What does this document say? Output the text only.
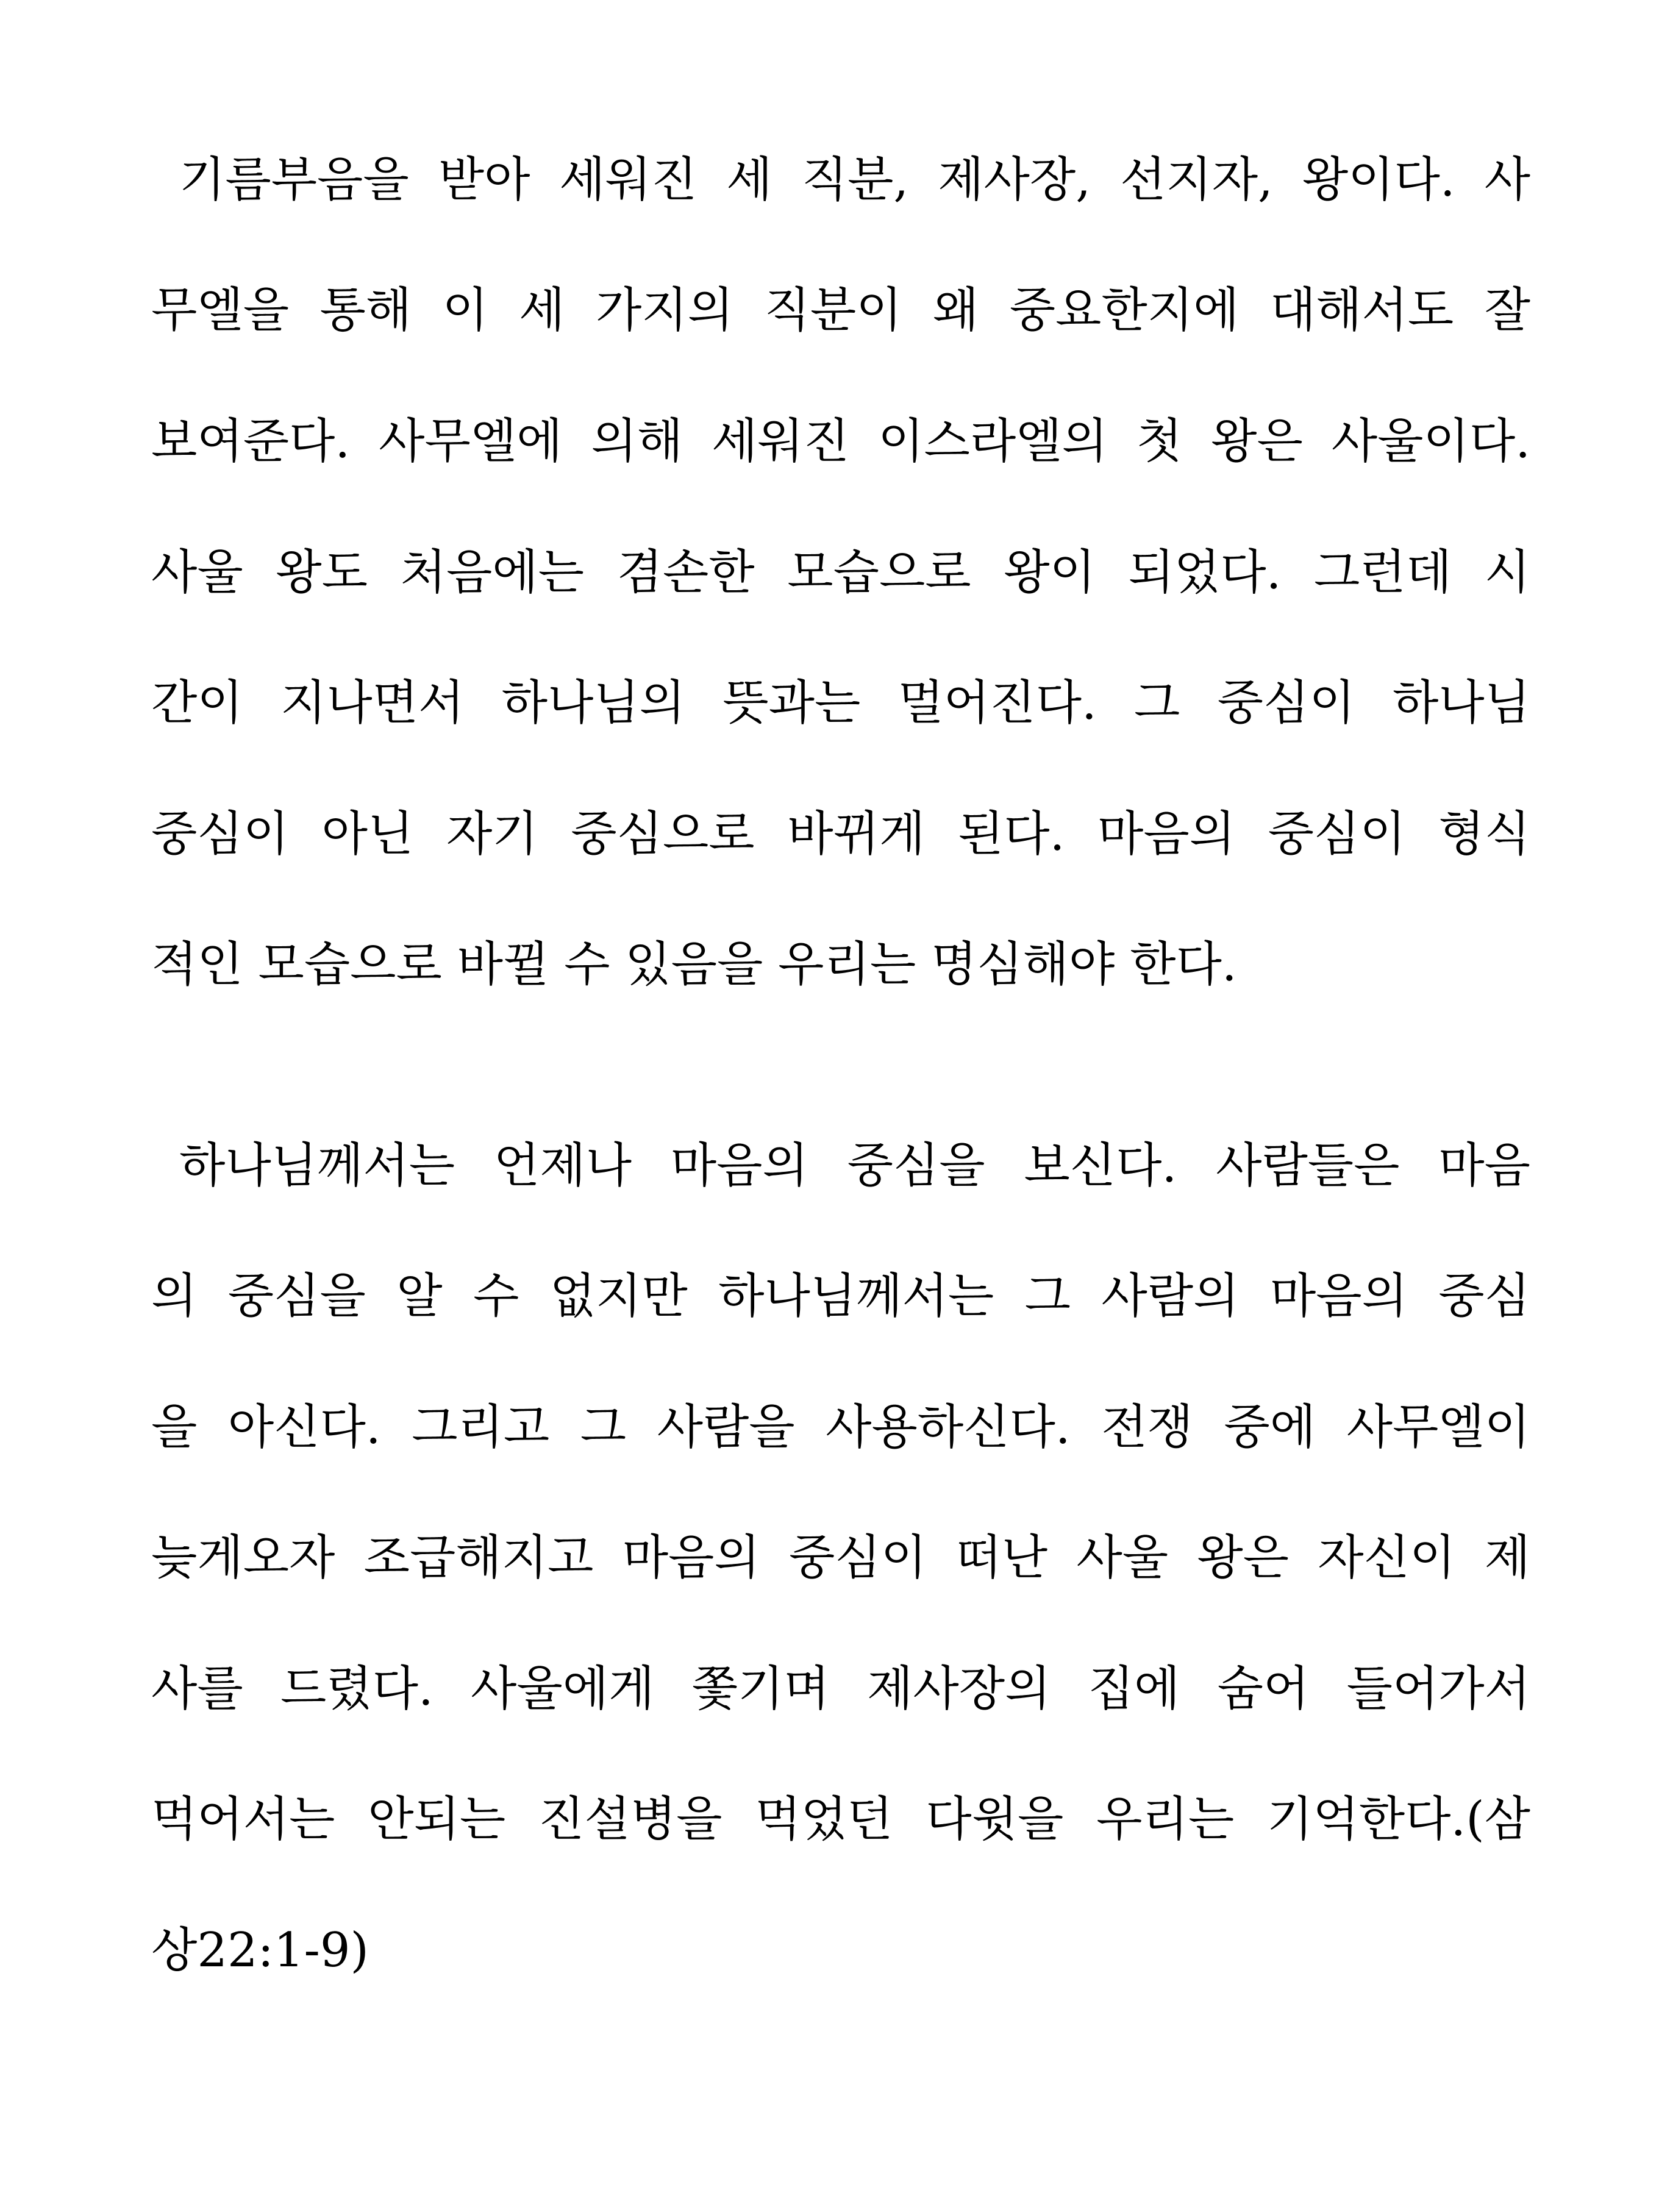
기름부음을 받아 세워진 세 직분, 제사장, 선지자, 왕이다. 사

무엘을 통해 이 세 가지의 직분이 왜 중요한지에 대해서도 잘

보여준다. 사무엘에 의해 세워진 이스라엘의 첫 왕은 사울이다.

사울 왕도 처음에는 겸손한 모습으로 왕이 되었다. 그런데 시

간이 지나면서 하나님의 뜻과는 멀어진다. 그 중심이 하나님

중심이 아닌 자기 중심으로 바뀌게 된다. 마음의 중심이 형식

적인 모습으로 바뀔 수 있음을 우리는 명심해야 한다.

하나님께서는 언제나 마음의 중심을 보신다. 사람들은 마음

의 중심을 알 수 없지만 하나님께서는 그 사람의 마음의 중심

을 아신다. 그리고 그 사람을 사용하신다. 전쟁 중에 사무엘이

늦게오자 조급해지고 마음의 중심이 떠난 사울 왕은 자신이 제

사를 드렸다. 사울에게 쫓기며 제사장의 집에 숨어 들어가서

먹어서는 안되는 진설병을 먹었던 다윗을 우리는 기억한다.(삼

상22:1-9)
